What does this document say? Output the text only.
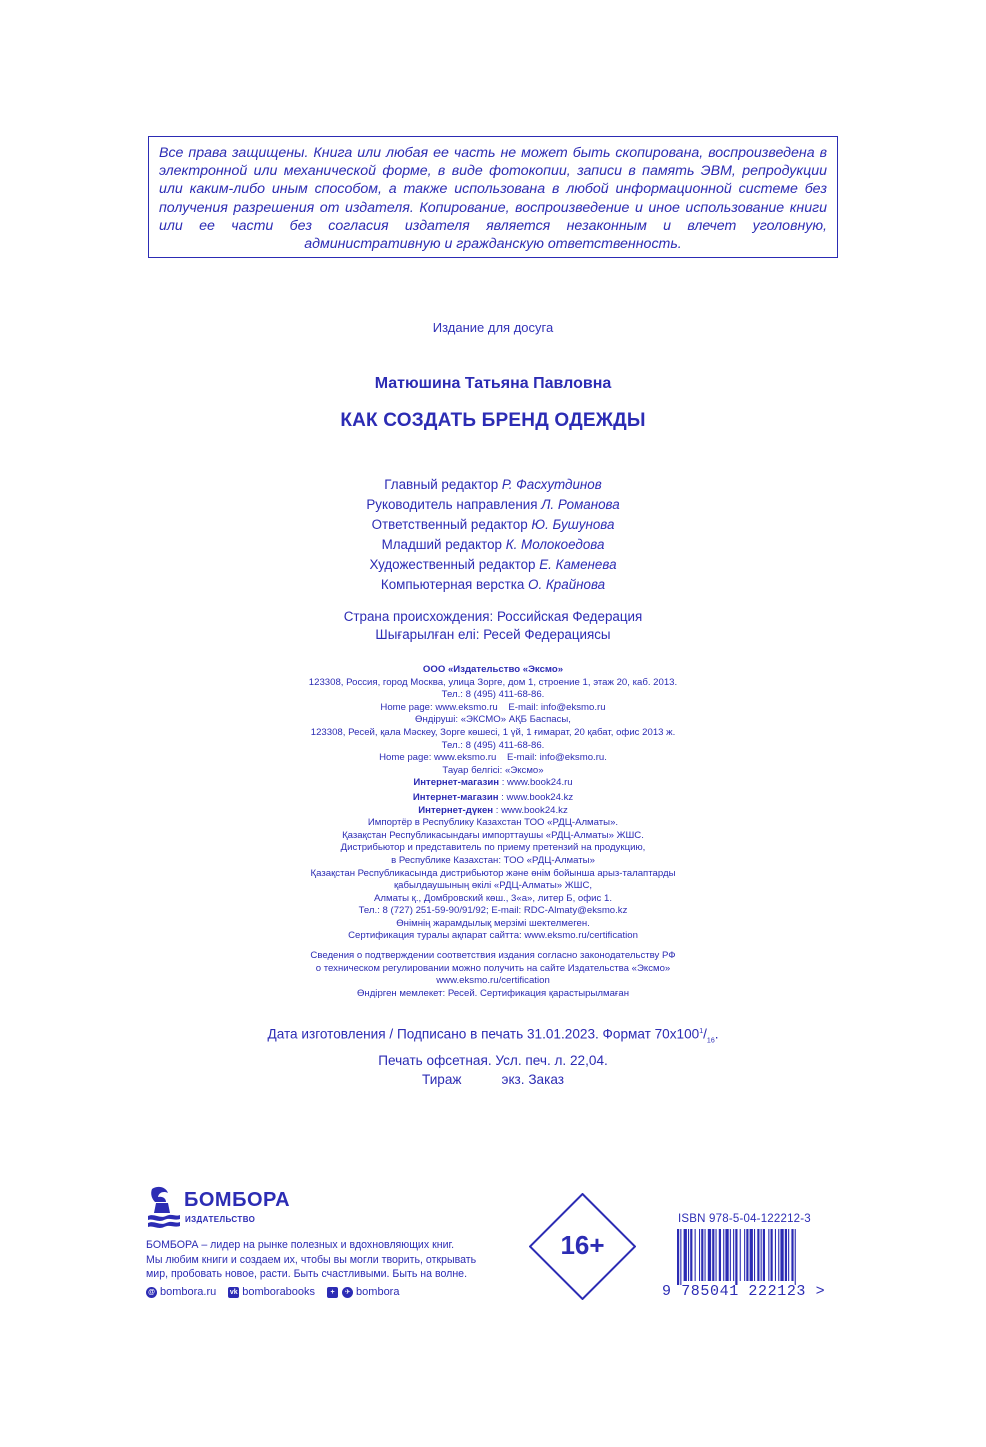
Все права защищены. Книга или любая ее часть не может быть скопирована, воспроизведена в электронной или механической форме, в виде фотокопии, записи в память ЭВМ, репродукции или каким-либо иным способом, а также использована в любой информационной системе без получения разрешения от издателя. Копирование, воспроизведение и иное использование книги или ее части без согласия издателя является незаконным и влечет уголовную, административную и гражданскую ответственность.
Издание для досуга
Матюшина Татьяна Павловна
КАК СОЗДАТЬ БРЕНД ОДЕЖДЫ
Главный редактор Р. Фасхутдинов
Руководитель направления Л. Романова
Ответственный редактор Ю. Бушунова
Младший редактор К. Молокоедова
Художественный редактор Е. Каменева
Компьютерная верстка О. Крайнова
Страна происхождения: Российская Федерация
Шығарылған елі: Ресей Федерациясы
ООО «Издательство «Эксмо»
123308, Россия, город Москва, улица Зорге, дом 1, строение 1, этаж 20, каб. 2013.
Тел.: 8 (495) 411-68-86.
Home page: www.eksmo.ru    E-mail: info@eksmo.ru
Өндіруші: «ЭКСМО» АҚБ Баспасы,
123308, Ресей, қала Мәскеу, Зорге көшесі, 1 үй, 1 ғимарат, 20 қабат, офис 2013 ж.
Тел.: 8 (495) 411-68-86.
Home page: www.eksmo.ru    E-mail: info@eksmo.ru.
Тауар белгісі: «Эксмо»
Интернет-магазин : www.book24.ru
Интернет-магазин : www.book24.kz
Интернет-дүкен : www.book24.kz
Импортёр в Республику Казахстан ТОО «РДЦ-Алматы».
Қазақстан Республикасындағы импорттаушы «РДЦ-Алматы» ЖШС.
Дистрибьютор и представитель по приему претензий на продукцию,
в Республике Казахстан: ТОО «РДЦ-Алматы»
Қазақстан Республикасында дистрибьютор және өнім бойынша арыз-талаптарды
қабылдаушының өкілі «РДЦ-Алматы» ЖШС,
Алматы қ., Домбровский көш., 3«а», литер Б, офис 1.
Тел.: 8 (727) 251-59-90/91/92; E-mail: RDC-Almaty@eksmo.kz
Өнімнің жарамдылық мерзімі шектелмеген.
Сертификация туралы ақпарат сайтта: www.eksmo.ru/certification
Сведения о подтверждении соответствия издания согласно законодательству РФ
о техническом регулировании можно получить на сайте Издательства «Эксмо»
www.eksmo.ru/certification
Өндірген мемлекет: Ресей. Сертификация қарастырылмаған
Дата изготовления / Подписано в печать 31.01.2023. Формат $70x100^1/_{16}$.
Печать офсетная. Усл. печ. л. 22,04.
Тираж	экз. Заказ
БОМБОРА
ИЗДАТЕЛЬСТВО
БОМБОРА – лидер на рынке полезных и вдохновляющих книг.
Мы любим книги и создаем их, чтобы вы могли творить, открывать
мир, пробовать новое, расти. Быть счастливыми. Быть на волне.
@ bombora.ru vk bomborabooks	+	✈ bombora
16+
ISBN 978-5-04-122212-3
9 785041 222123 >
